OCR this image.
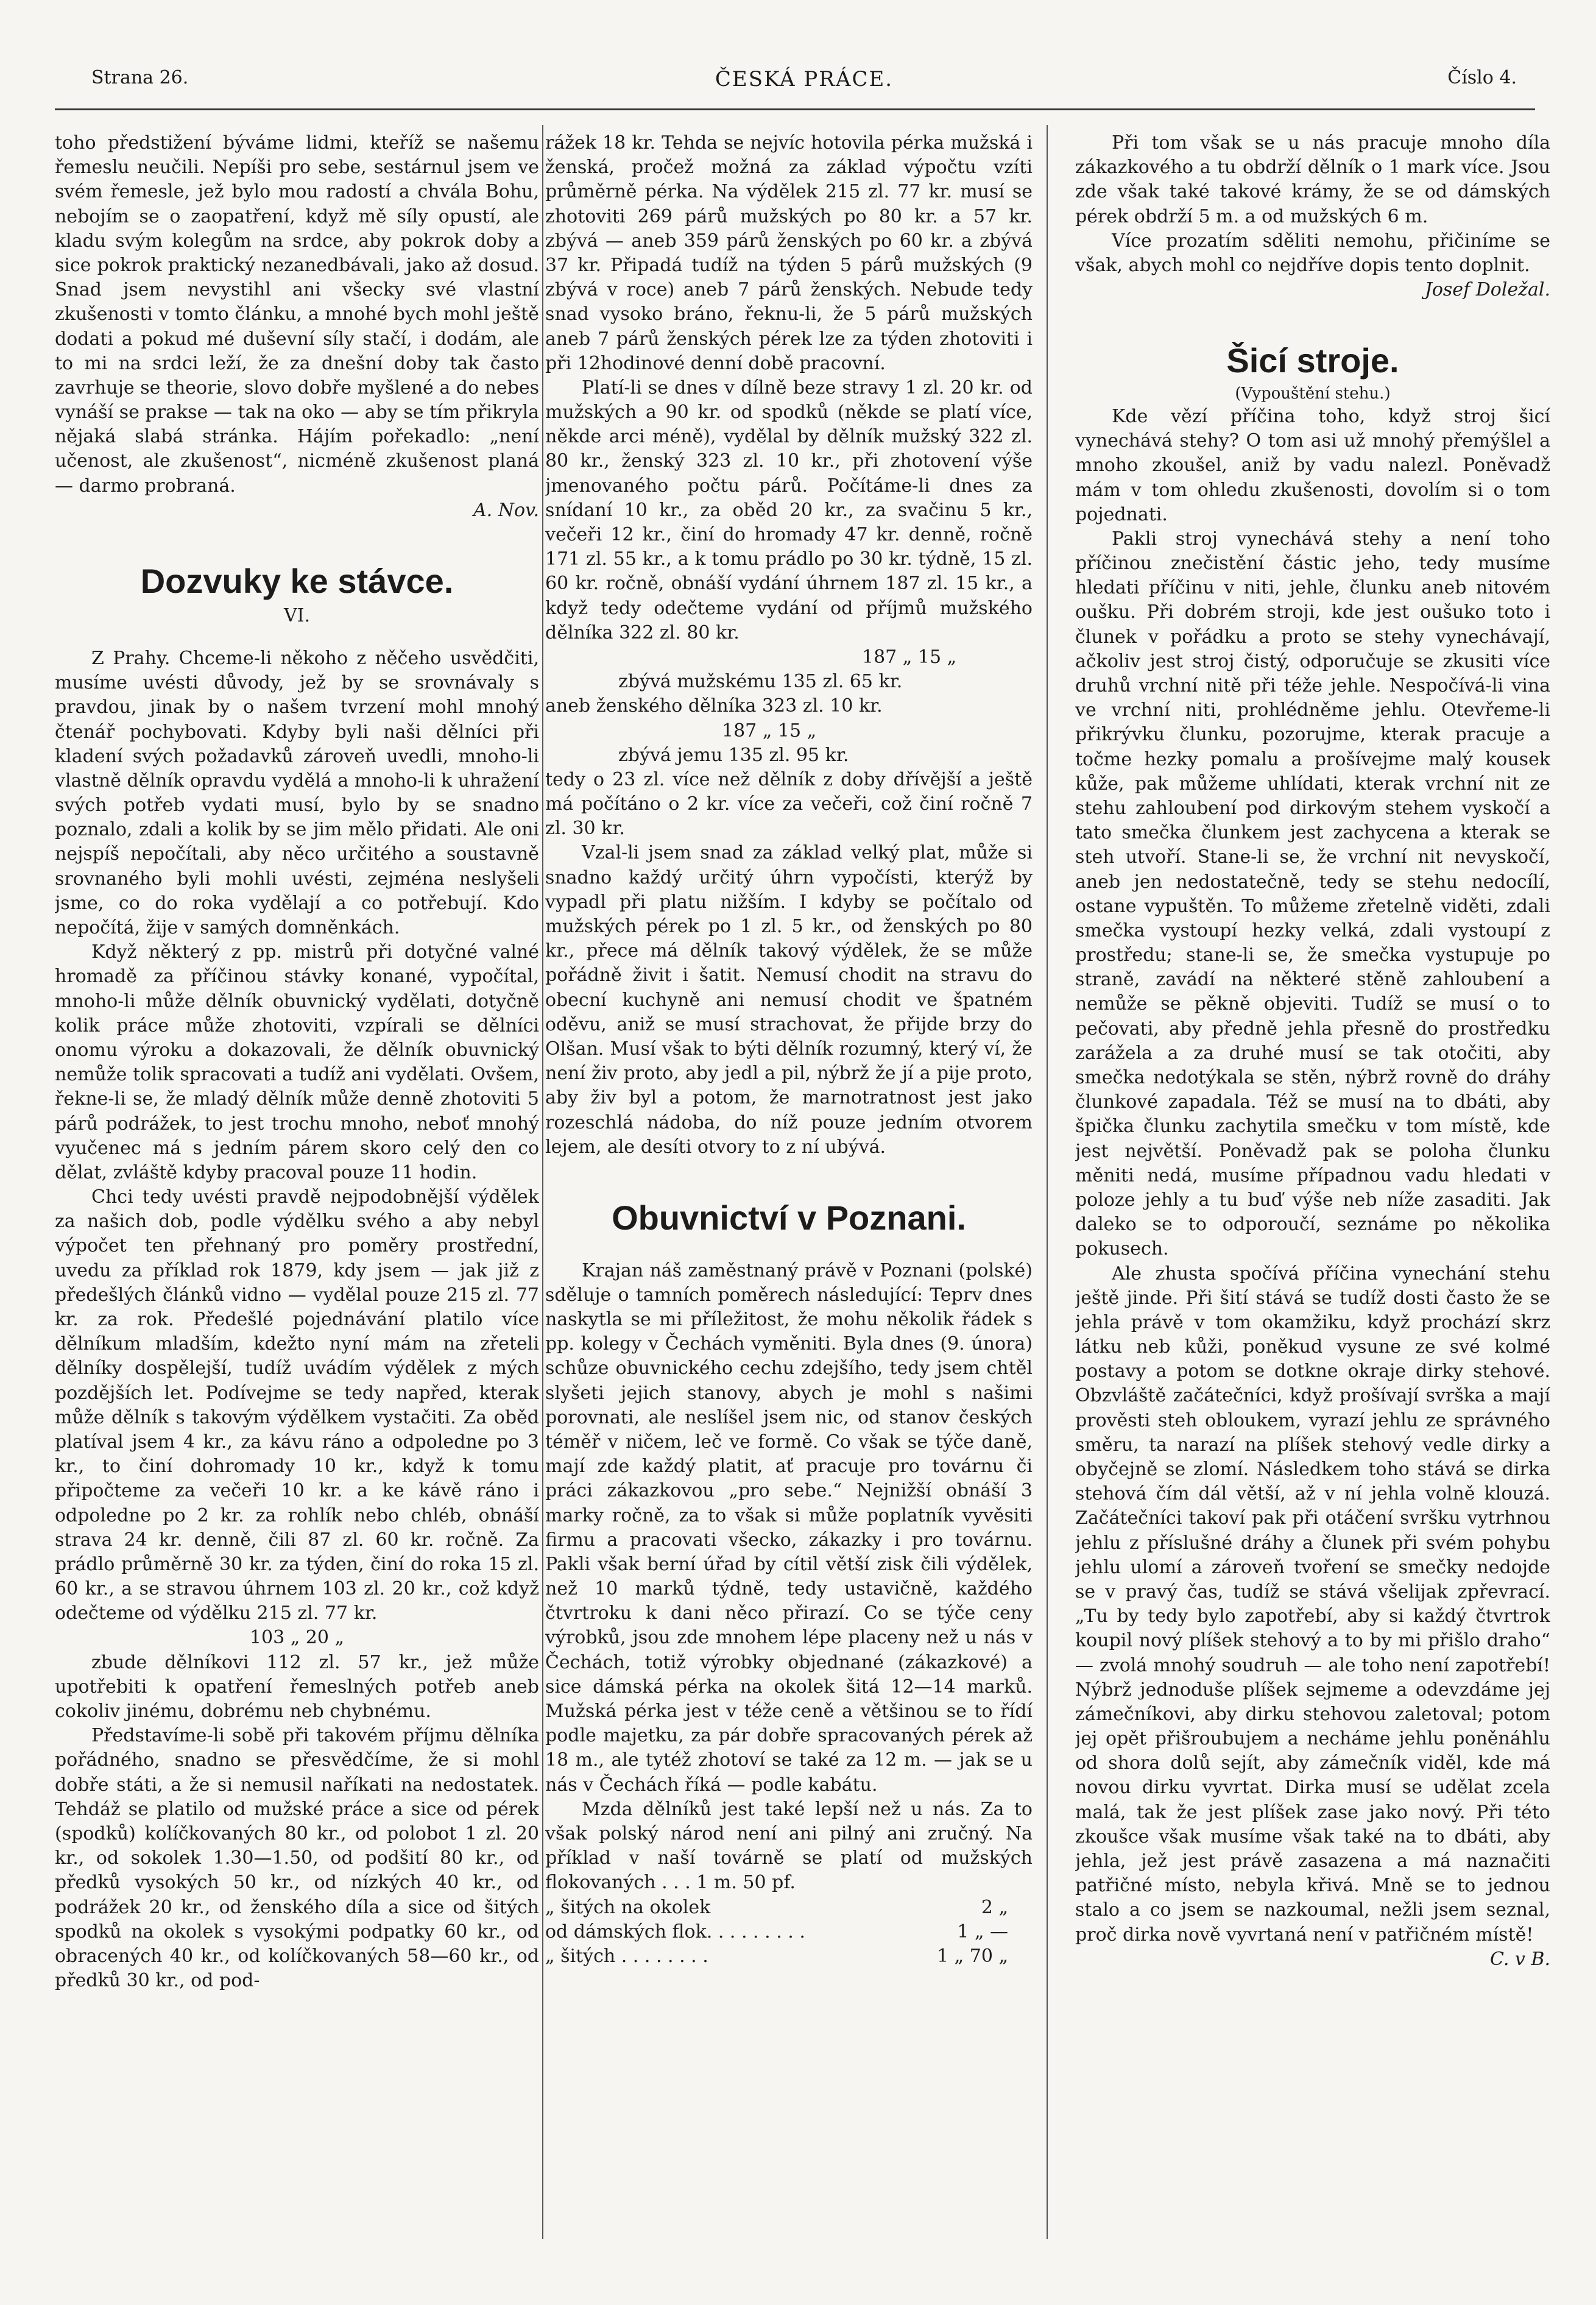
Strana 26.	ČESKÁ PRÁCE.	Číslo 4.

toho předstižení býváme lidmi, kteříž se našemu řemeslu neučili. Nepíši pro sebe, sestárnul jsem ve svém řemesle, jež bylo mou radostí a chvála Bohu, nebojím se o zaopatření, když mě síly opustí, ale kladu svým kolegům na srdce, aby pokrok doby a sice pokrok praktický nezanedbávali, jako až dosud. Snad jsem nevystihl ani všecky své vlastní zkušenosti v tomto článku, a mnohé bych mohl ještě dodati a pokud mé duševní síly stačí, i dodám, ale to mi na srdci leží, že za dnešní doby tak často zavrhuje se theorie, slovo dobře myšlené a do nebes vynáší se prakse — tak na oko — aby se tím přikryla nějaká slabá stránka. Hájím pořekadlo: „není učenost, ale zkušenost“, nicméně zkušenost planá — darmo probraná.

A. Nov.
Dozvuky ke stávce.
VI.

Z Prahy. Chceme-li někoho z něčeho usvědčiti, musíme uvésti důvody, jež by se srovnávaly s pravdou, jinak by o našem tvrzení mohl mnohý čtenář pochybovati. Kdyby byli naši dělníci při kladení svých požadavků zároveň uvedli, mnoho-li vlastně dělník opravdu vydělá a mnoho-li k uhražení svých potřeb vydati musí, bylo by se snadno poznalo, zdali a kolik by se jim mělo přidati. Ale oni nejspíš nepočítali, aby něco určitého a soustavně srovnaného byli mohli uvésti, zejména neslyšeli jsme, co do roka vydělají a co potřebují. Kdo nepočítá, žije v samých domněnkách.

Když některý z pp. mistrů při dotyčné valné hromadě za příčinou stávky konané, vypočítal, mnoho-li může dělník obuvnický vydělati, dotyčně kolik práce může zhotoviti, vzpírali se dělníci onomu výroku a dokazovali, že dělník obuvnický nemůže tolik spracovati a tudíž ani vydělati. Ovšem, řekne-li se, že mladý dělník může denně zhotoviti 5 párů podrážek, to jest trochu mnoho, neboť mnohý vyučenec má s jedním párem skoro celý den co dělat, zvláště kdyby pracoval pouze 11 hodin.

Chci tedy uvésti pravdě nejpodobnější výdělek za našich dob, podle výdělku svého a aby nebyl výpočet ten přehnaný pro poměry prostřední, uvedu za příklad rok 1879, kdy jsem — jak již z předešlých článků vidno — vydělal pouze 215 zl. 77 kr. za rok. Předešlé pojednávání platilo více dělníkum mladším, kdežto nyní mám na zřeteli dělníky dospělejší, tudíž uvádím výdělek z mých pozdějších let. Podívejme se tedy napřed, kterak může dělník s takovým výdělkem vystačiti. Za oběd platíval jsem 4 kr., za kávu ráno a odpoledne po 3 kr., to činí dohromady 10 kr., když k tomu připočteme za večeři 10 kr. a ke kávě ráno i odpoledne po 2 kr. za rohlík nebo chléb, obnáší strava 24 kr. denně, čili 87 zl. 60 kr. ročně. Za prádlo průměrně 30 kr. za týden, činí do roka 15 zl. 60 kr., a se stravou úhrnem 103 zl. 20 kr., což když odečteme od výdělku 215 zl. 77 kr.

103 „ 20 „

zbude dělníkovi 112 zl. 57 kr., jež může upotřebiti k opatření řemeslných potřeb aneb cokoliv jinému, dobrému neb chybnému.

Představíme-li sobě při takovém příjmu dělníka pořádného, snadno se přesvědčíme, že si mohl dobře státi, a že si nemusil naříkati na nedostatek. Tehdáž se platilo od mužské práce a sice od pérek (spodků) kolíčkovaných 80 kr., od polobot 1 zl. 20 kr., od sokolek 1.30—1.50, od podšití 80 kr., od předků vysokých 50 kr., od nízkých 40 kr., od podrážek 20 kr., od ženského díla a sice od šitých spodků na okolek s vysokými podpatky 60 kr., od obracených 40 kr., od kolíčkovaných 58—60 kr., od předků 30 kr., od pod-

rážek 18 kr. Tehda se nejvíc hotovila pérka mužská i ženská, pročež možná za základ výpočtu vzíti průměrně pérka. Na výdělek 215 zl. 77 kr. musí se zhotoviti 269 párů mužských po 80 kr. a 57 kr. zbývá — aneb 359 párů ženských po 60 kr. a zbývá 37 kr. Připadá tudíž na týden 5 párů mužských (9 zbývá v roce) aneb 7 párů ženských. Nebude tedy snad vysoko bráno, řeknu-li, že 5 párů mužských aneb 7 párů ženských pérek lze za týden zhotoviti i při 12hodinové denní době pracovní.

Platí-li se dnes v dílně beze stravy 1 zl. 20 kr. od mužských a 90 kr. od spodků (někde se platí více, někde arci méně), vydělal by dělník mužský 322 zl. 80 kr., ženský 323 zl. 10 kr., při zhotovení výše jmenovaného počtu párů. Počítáme-li dnes za snídaní 10 kr., za oběd 20 kr., za svačinu 5 kr., večeři 12 kr., činí do hromady 47 kr. denně, ročně 171 zl. 55 kr., a k tomu prádlo po 30 kr. týdně, 15 zl. 60 kr. ročně, obnáší vydání úhrnem 187 zl. 15 kr., a když tedy odečteme vydání od příjmů mužského dělníka 322 zl. 80 kr.

187 „ 15 „
zbývá mužskému 135 zl. 65 kr.
aneb ženského dělníka 323 zl. 10 kr.
187 „ 15 „
zbývá jemu 135 zl. 95 kr.

tedy o 23 zl. více než dělník z doby dřívější a ještě má počítáno o 2 kr. více za večeři, což činí ročně 7 zl. 30 kr.

Vzal-li jsem snad za základ velký plat, může si snadno každý určitý úhrn vypočísti, kterýž by vypadl při platu nižším. I kdyby se počítalo od mužských pérek po 1 zl. 5 kr., od ženských po 80 kr., přece má dělník takový výdělek, že se může pořádně živit i šatit. Nemusí chodit na stravu do obecní kuchyně ani nemusí chodit ve špatném oděvu, aniž se musí strachovat, že přijde brzy do Olšan. Musí však to býti dělník rozumný, který ví, že není živ proto, aby jedl a pil, nýbrž že jí a pije proto, aby živ byl a potom, že marnotratnost jest jako rozeschlá nádoba, do níž pouze jedním otvorem lejem, ale desíti otvory to z ní ubývá.

Obuvnictví v Poznani.

Krajan náš zaměstnaný právě v Poznani (polské) sděluje o tamních poměrech následující: Teprv dnes naskytla se mi příležitost, že mohu několik řádek s pp. kolegy v Čechách vyměniti. Byla dnes (9. února) schůze obuvnického cechu zdejšího, tedy jsem chtěl slyšeti jejich stanovy, abych je mohl s našimi porovnati, ale neslíšel jsem nic, od stanov českých téměř v ničem, leč ve formě. Co však se týče daně, mají zde každý platit, ať pracuje pro továrnu či práci zákazkovou „pro sebe.“ Nejnižší obnáší 3 marky ročně, za to však si může poplatník vyvěsiti firmu a pracovati všecko, zákazky i pro továrnu. Pakli však berní úřad by cítil větší zisk čili výdělek, než 10 marků týdně, tedy ustavičně, každého čtvrtroku k dani něco přirazí. Co se týče ceny výrobků, jsou zde mnohem lépe placeny než u nás v Čechách, totiž výrobky objednané (zákazkové) a sice dámská pérka na okolek šitá 12—14 marků. Mužská pérka jest v téže ceně a většinou se to řídí podle majetku, za pár dobře spracovaných pérek až 18 m., ale tytéž zhotoví se také za 12 m. — jak se u nás v Čechách říká — podle kabátu.

Mzda dělníků jest také lepší než u nás. Za to však polský národ není ani pilný ani zručný. Na příklad v naší továrně se platí od mužských flokovaných . . . 1 m. 50 pf.

„ šitých na okolek	2 „
od dámských flok. . . . . . . . .	1 „ —
„ šitých . . . . . . . .	1 „ 70 „

Při tom však se u nás pracuje mnoho díla zákazkového a tu obdrží dělník o 1 mark více. Jsou zde však také takové krámy, že se od dámských pérek obdrží 5 m. a od mužských 6 m.

Více prozatím sděliti nemohu, přičiníme se však, abych mohl co nejdříve dopis tento doplnit.

Josef Doležal.
Šicí stroje.
(Vypouštění stehu.)

Kde vězí příčina toho, když stroj šicí vynechává stehy? O tom asi už mnohý přemýšlel a mnoho zkoušel, aniž by vadu nalezl. Poněvadž mám v tom ohledu zkušenosti, dovolím si o tom pojednati.

Pakli stroj vynechává stehy a není toho příčinou znečistění částic jeho, tedy musíme hledati příčinu v niti, jehle, člunku aneb nitovém oušku. Při dobrém stroji, kde jest oušuko toto i člunek v pořádku a proto se stehy vynechávají, ačkoliv jest stroj čistý, odporučuje se zkusiti více druhů vrchní nitě při téže jehle. Nespočívá-li vina ve vrchní niti, prohlédněme jehlu. Otevřeme-li přikrývku člunku, pozorujme, kterak pracuje a točme hezky pomalu a prošívejme malý kousek kůže, pak můžeme uhlídati, kterak vrchní nit ze stehu zahloubení pod dirkovým stehem vyskočí a tato smečka člunkem jest zachycena a kterak se steh utvoří. Stane-li se, že vrchní nit nevyskočí, aneb jen nedostatečně, tedy se stehu nedocílí, ostane vypuštěn. To můžeme zřetelně viděti, zdali smečka vystoupí hezky velká, zdali vystoupí z prostředu; stane-li se, že smečka vystupuje po straně, zavádí na některé stěně zahloubení a nemůže se pěkně objeviti. Tudíž se musí o to pečovati, aby předně jehla přesně do prostředku zarážela a za druhé musí se tak otočiti, aby smečka nedotýkala se stěn, nýbrž rovně do dráhy člunkové zapadala. Též se musí na to dbáti, aby špička člunku zachytila smečku v tom místě, kde jest největší. Poněvadž pak se poloha člunku měniti nedá, musíme případnou vadu hledati v poloze jehly a tu buď výše neb níže zasaditi. Jak daleko se to odporoučí, seznáme po několika pokusech.

Ale zhusta spočívá příčina vynechání stehu ještě jinde. Při šití stává se tudíž dosti často že se jehla právě v tom okamžiku, když prochází skrz látku neb kůži, poněkud vysune ze své kolmé postavy a potom se dotkne okraje dirky stehové. Obzvláště začátečníci, když prošívají svrška a mají prověsti steh obloukem, vyrazí jehlu ze správného směru, ta narazí na plíšek stehový vedle dirky a obyčejně se zlomí. Následkem toho stává se dirka stehová čím dál větší, až v ní jehla volně klouzá. Začátečníci takoví pak při otáčení svršku vytrhnou jehlu z příslušné dráhy a člunek při svém pohybu jehlu ulomí a zároveň tvoření se smečky nedojde se v pravý čas, tudíž se stává všelijak zpřevrací. „Tu by tedy bylo zapotřebí, aby si každý čtvrtrok koupil nový plíšek stehový a to by mi přišlo draho“ — zvolá mnohý soudruh — ale toho není zapotřebí! Nýbrž jednoduše plíšek sejmeme a odevzdáme jej zámečníkovi, aby dirku stehovou zaletoval; potom jej opět přišroubujem a necháme jehlu poněnáhlu od shora dolů sejít, aby zámečník viděl, kde má novou dirku vyvrtat. Dirka musí se udělat zcela malá, tak že jest plíšek zase jako nový. Při této zkoušce však musíme však také na to dbáti, aby jehla, jež jest právě zasazena a má naznačiti patřičné místo, nebyla křivá. Mně se to jednou stalo a co jsem se nazkoumal, nežli jsem seznal, proč dirka nově vyvrtaná není v patřičném místě!

C. v B.
